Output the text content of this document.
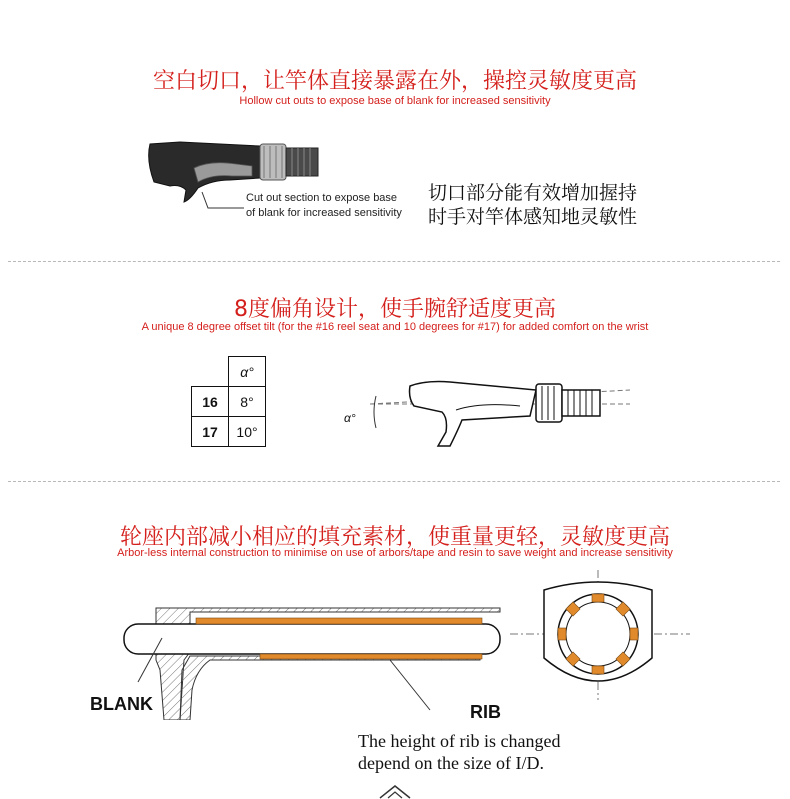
空白切口，让竿体直接暴露在外，操控灵敏度更高
Hollow cut outs to expose base of blank for increased sensitivity
Cut out section to expose base
of blank for increased sensitivity
切口部分能有效增加握持
时手对竿体感知地灵敏性
8度偏角设计，使手腕舒适度更高
A unique 8 degree offset tilt (for the #16 reel seat and 10 degrees for #17) for added comfort on the wrist
	α°
16	8°
17	10°
α°
轮座内部减小相应的填充素材，使重量更轻，灵敏度更高
Arbor-less internal construction to minimise on use of arbors/tape and resin to save weight and increase sensitivity
BLANK	RIB
The height of rib is changed
depend on the size of I/D.
